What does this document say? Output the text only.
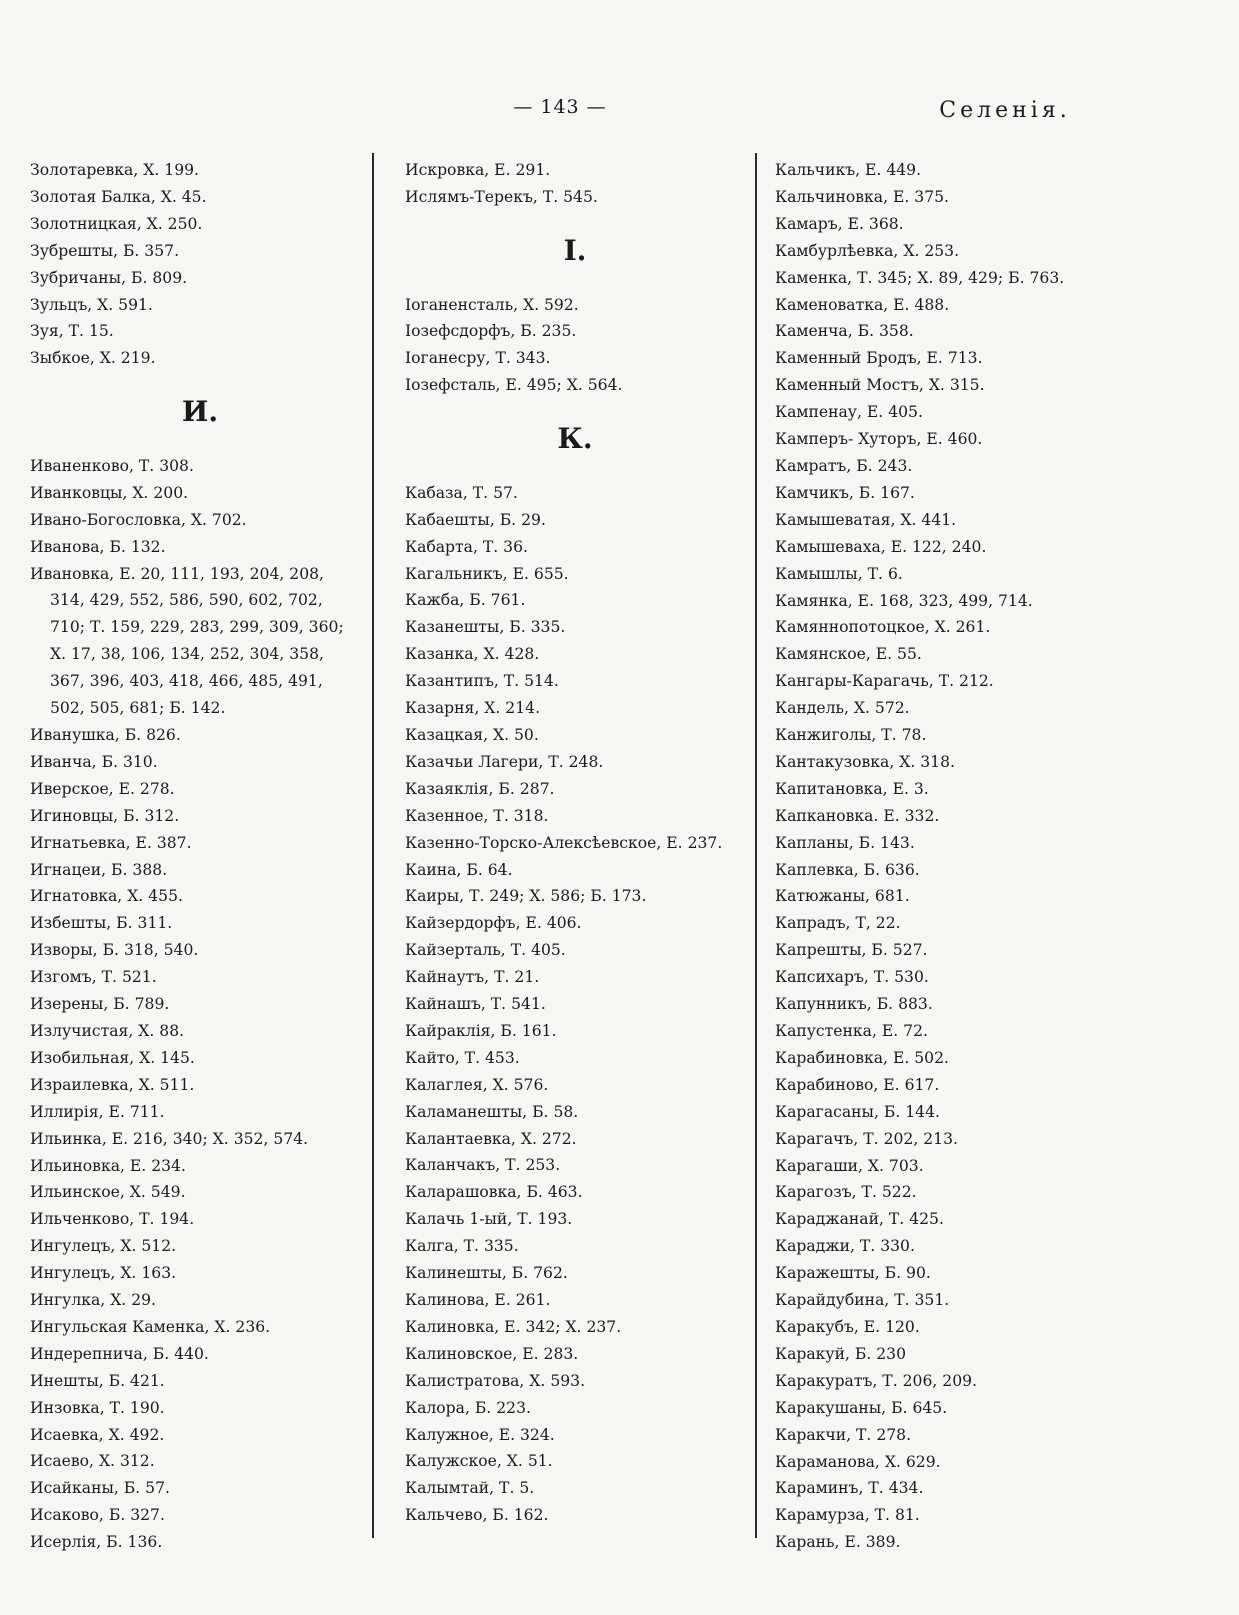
— 143 —	Селенія.
Золотаревка, Х. 199.
Золотая Балка, Х. 45.
Золотницкая, Х. 250.
Зубрешты, Б. 357.
Зубричаны, Б. 809.
Зульцъ, Х. 591.
Зуя, Т. 15.
Зыбкое, Х. 219.
И.
Иваненково, Т. 308.
Иванковцы, Х. 200.
Ивано-Богословка, Х. 702.
Иванова, Б. 132.
Ивановка, Е. 20, 111, 193, 204, 208,
314, 429, 552, 586, 590, 602, 702,
710; Т. 159, 229, 283, 299, 309, 360;
Х. 17, 38, 106, 134, 252, 304, 358,
367, 396, 403, 418, 466, 485, 491,
502, 505, 681; Б. 142.
Иванушка, Б. 826.
Иванча, Б. 310.
Иверское, Е. 278.
Игиновцы, Б. 312.
Игнатьевка, Е. 387.
Игнацеи, Б. 388.
Игнатовка, Х. 455.
Избешты, Б. 311.
Изворы, Б. 318, 540.
Изгомъ, Т. 521.
Изерены, Б. 789.
Излучистая, Х. 88.
Изобильная, Х. 145.
Израилевка, Х. 511.
Иллирія, Е. 711.
Ильинка, Е. 216, 340; Х. 352, 574.
Ильиновка, Е. 234.
Ильинское, Х. 549.
Ильченково, Т. 194.
Ингулецъ, Х. 512.
Ингулецъ, Х. 163.
Ингулка, Х. 29.
Ингульская Каменка, Х. 236.
Индерепнича, Б. 440.
Инешты, Б. 421.
Инзовка, Т. 190.
Исаевка, Х. 492.
Исаево, Х. 312.
Исайканы, Б. 57.
Исаково, Б. 327.
Исерлія, Б. 136.
Искровка, Е. 291.
Ислямъ-Терекъ, Т. 545.
І.
Іоганенсталь, Х. 592.
Іозефсдорфъ, Б. 235.
Іоганесру, Т. 343.
Іозефсталь, Е. 495; Х. 564.
К.
Кабаза, Т. 57.
Кабаешты, Б. 29.
Кабарта, Т. 36.
Кагальникъ, Е. 655.
Кажба, Б. 761.
Казанешты, Б. 335.
Казанка, Х. 428.
Казантипъ, Т. 514.
Казарня, Х. 214.
Казацкая, Х. 50.
Казачьи Лагери, Т. 248.
Казаяклія, Б. 287.
Казенное, Т. 318.
Казенно-Торско-Алексѣевское, Е. 237.
Каина, Б. 64.
Каиры, Т. 249; Х. 586; Б. 173.
Кайзердорфъ, Е. 406.
Кайзерталь, Т. 405.
Кайнаутъ, Т. 21.
Кайнашъ, Т. 541.
Кайраклія, Б. 161.
Кайто, Т. 453.
Калаглея, Х. 576.
Каламанешты, Б. 58.
Калантаевка, Х. 272.
Каланчакъ, Т. 253.
Каларашовка, Б. 463.
Калачь 1-ый, Т. 193.
Калга, Т. 335.
Калинешты, Б. 762.
Калинова, Е. 261.
Калиновка, Е. 342; Х. 237.
Калиновское, Е. 283.
Калистратова, Х. 593.
Калора, Б. 223.
Калужное, Е. 324.
Калужское, Х. 51.
Калымтай, Т. 5.
Кальчево, Б. 162.
Кальчикъ, Е. 449.
Кальчиновка, Е. 375.
Камаръ, Е. 368.
Камбурлѣевка, Х. 253.
Каменка, Т. 345; Х. 89, 429; Б. 763.
Каменоватка, Е. 488.
Каменча, Б. 358.
Каменный Бродъ, Е. 713.
Каменный Мостъ, Х. 315.
Кампенау, Е. 405.
Камперъ- Хуторъ, Е. 460.
Камратъ, Б. 243.
Камчикъ, Б. 167.
Камышеватая, Х. 441.
Камышеваха, Е. 122, 240.
Камышлы, Т. 6.
Камянка, Е. 168, 323, 499, 714.
Камяннопотоцкое, Х. 261.
Камянское, Е. 55.
Кангары-Карагачь, Т. 212.
Кандель, Х. 572.
Канжиголы, Т. 78.
Кантакузовка, Х. 318.
Капитановка, Е. 3.
Капкановка. Е. 332.
Капланы, Б. 143.
Каплевка, Б. 636.
Катюжаны, 681.
Капрадъ, Т, 22.
Капрешты, Б. 527.
Капсихаръ, Т. 530.
Капунникъ, Б. 883.
Капустенка, Е. 72.
Карабиновка, Е. 502.
Карабиново, Е. 617.
Карагасаны, Б. 144.
Карагачъ, Т. 202, 213.
Карагаши, Х. 703.
Карагозъ, Т. 522.
Караджанай, Т. 425.
Караджи, Т. 330.
Каражешты, Б. 90.
Карайдубина, Т. 351.
Каракубъ, Е. 120.
Каракуй, Б. 230
Каракуратъ, Т. 206, 209.
Каракушаны, Б. 645.
Каракчи, Т. 278.
Караманова, Х. 629.
Караминъ, Т. 434.
Карамурза, Т. 81.
Карань, Е. 389.
